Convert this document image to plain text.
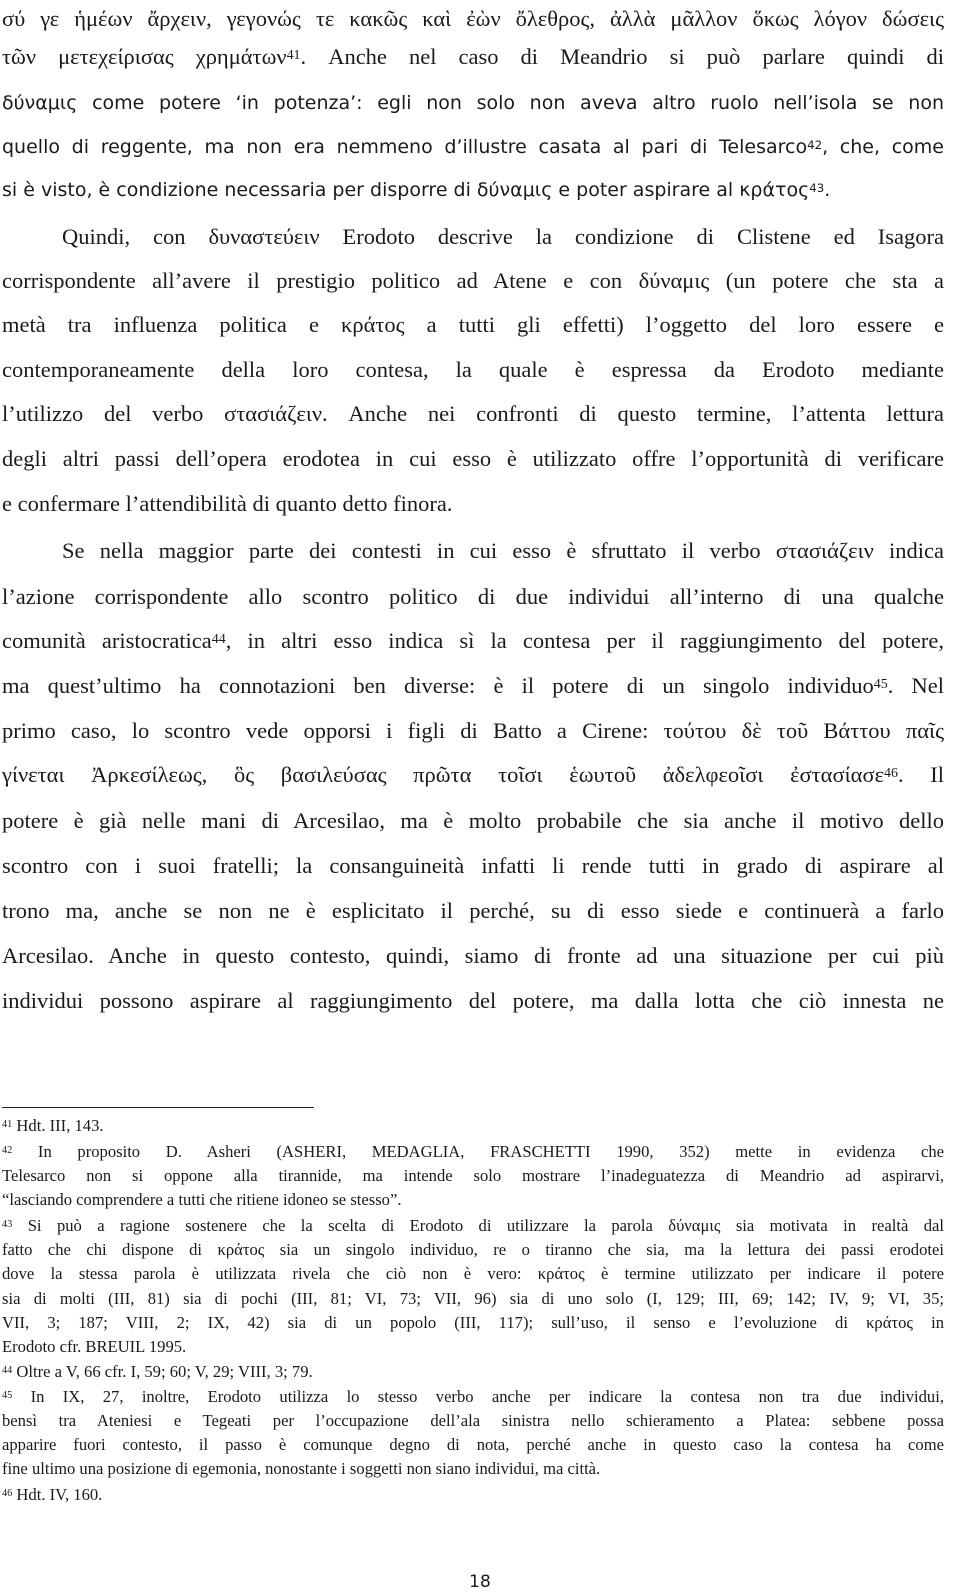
σύ γε ἡμέων ἄρχειν, γεγονώς τε κακῶς καὶ ἐὼν ὄλεθρος, ἀλλὰ μᾶλλον ὅκως λόγον δώσεις
τῶν μετεχείρισας χρημάτων$^{41}$. Anche nel caso di Meandrio si può parlare quindi di
δύναμις come potere ‘in potenza’: egli non solo non aveva altro ruolo nell’isola se non
quello di reggente, ma non era nemmeno d’illustre casata al pari di Telesarco$^{42}$, che, come
si è visto, è condizione necessaria per disporre di δύναμις e poter aspirare al κράτος$^{43}$.
Quindi, con δυναστεύειν Erodoto descrive la condizione di Clistene ed Isagora
corrispondente all’avere il prestigio politico ad Atene e con δύναμις (un potere che sta a
metà tra influenza politica e κράτος a tutti gli effetti) l’oggetto del loro essere e
contemporaneamente della loro contesa, la quale è espressa da Erodoto mediante
l’utilizzo del verbo στασιάζειν. Anche nei confronti di questo termine, l’attenta lettura
degli altri passi dell’opera erodotea in cui esso è utilizzato offre l’opportunità di verificare
e confermare l’attendibilità di quanto detto finora.
Se nella maggior parte dei contesti in cui esso è sfruttato il verbo στασιάζειν indica
l’azione corrispondente allo scontro politico di due individui all’interno di una qualche
comunità aristocratica$^{44}$, in altri esso indica sì la contesa per il raggiungimento del potere,
ma quest’ultimo ha connotazioni ben diverse: è il potere di un singolo individuo$^{45}$. Nel
primo caso, lo scontro vede opporsi i figli di Batto a Cirene: τούτου δὲ τοῦ Βάττου παῖς
γίνεται Ἀρκεσίλεως, ὃς βασιλεύσας πρῶτα τοῖσι ἑωυτοῦ ἀδελφεοῖσι ἐστασίασε$^{46}$. Il
potere è già nelle mani di Arcesilao, ma è molto probabile che sia anche il motivo dello
scontro con i suoi fratelli; la consanguineità infatti li rende tutti in grado di aspirare al
trono ma, anche se non ne è esplicitato il perché, su di esso siede e continuerà a farlo
Arcesilao. Anche in questo contesto, quindi, siamo di fronte ad una situazione per cui più
individui possono aspirare al raggiungimento del potere, ma dalla lotta che ciò innesta ne
$^{41}$ Hdt. III, 143.
$^{42}$ In proposito D. Asheri (ASHERI, MEDAGLIA, FRASCHETTI 1990, 352) mette in evidenza che
Telesarco non si oppone alla tirannide, ma intende solo mostrare l’inadeguatezza di Meandrio ad aspirarvi,
“lasciando comprendere a tutti che ritiene idoneo se stesso”.
$^{43}$ Si può a ragione sostenere che la scelta di Erodoto di utilizzare la parola δύναμις sia motivata in realtà dal
fatto che chi dispone di κράτος sia un singolo individuo, re o tiranno che sia, ma la lettura dei passi erodotei
dove la stessa parola è utilizzata rivela che ciò non è vero: κράτος è termine utilizzato per indicare il potere
sia di molti (III, 81) sia di pochi (III, 81; VI, 73; VII, 96) sia di uno solo (I, 129; III, 69; 142; IV, 9; VI, 35;
VII, 3; 187; VIII, 2; IX, 42) sia di un popolo (III, 117); sull’uso, il senso e l’evoluzione di κράτος in
Erodoto cfr. BREUIL 1995.
$^{44}$ Oltre a V, 66 cfr. I, 59; 60; V, 29; VIII, 3; 79.
$^{45}$ In IX, 27, inoltre, Erodoto utilizza lo stesso verbo anche per indicare la contesa non tra due individui,
bensì tra Ateniesi e Tegeati per l’occupazione dell’ala sinistra nello schieramento a Platea: sebbene possa
apparire fuori contesto, il passo è comunque degno di nota, perché anche in questo caso la contesa ha come
fine ultimo una posizione di egemonia, nonostante i soggetti non siano individui, ma città.
$^{46}$ Hdt. IV, 160.
18
